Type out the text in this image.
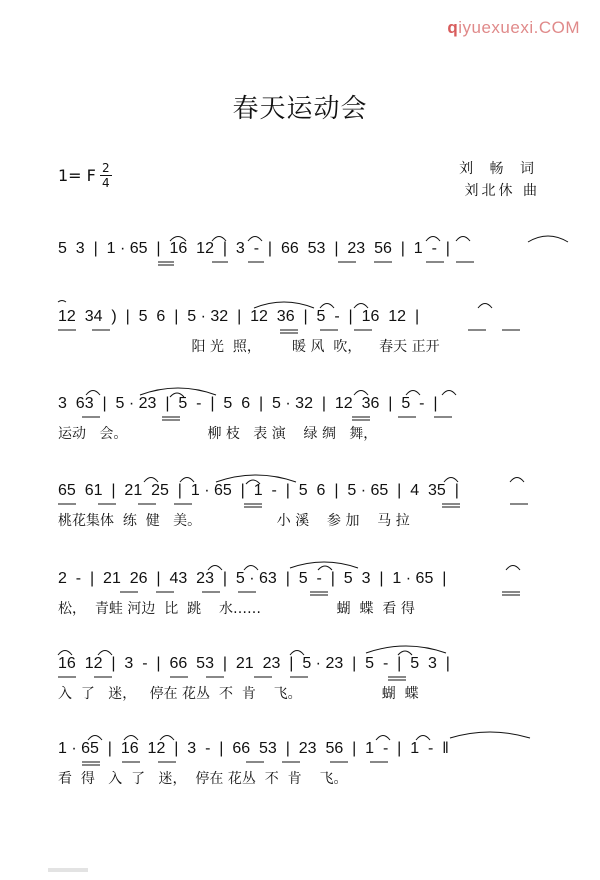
qiyuexuexi.COM
春天运动会
1= F 2
4
刘 畅 词
刘北休 曲
5  3  |  1 · 65  |  16  12  |  3  -  |  66  53  |  23  56  |  1  -  |
12  34  )  |  5  6  |  5 · 32  |  12  36  |  5  -  |  16  12  |
阳 光  照，       暖 风  吹，    春天 正开
3  63  |  5 · 23  |  5  -  |  5  6  |  5 · 32  |  12  36  |  5  -  |
运动   会。                  柳 枝   表 演    绿 绸   舞，
65  61  |  21  25  |  1 · 65  |  1  -  |  5  6  |  5 · 65  |  4  35  |
桃花集体  练  健   美。                 小 溪    参 加    马 拉
2  -  |  21  26  |  43  23  |  5 · 63  |  5  -  |  5  3  |  1 · 65  |
松，  青蛙 河边  比  跳    水……                 蝴  蝶  看 得
16  12  |  3  -  |  66  53  |  21  23  |  5 · 23  |  5  -  |  5  3  |
入  了   迷，   停在 花丛  不  肯    飞。                  蝴  蝶
1 · 65  |  16  12  |  3  -  |  66  53  |  23  56  |  1  -  |  1  -  ‖
看  得   入  了   迷，  停在 花丛  不  肯    飞。
